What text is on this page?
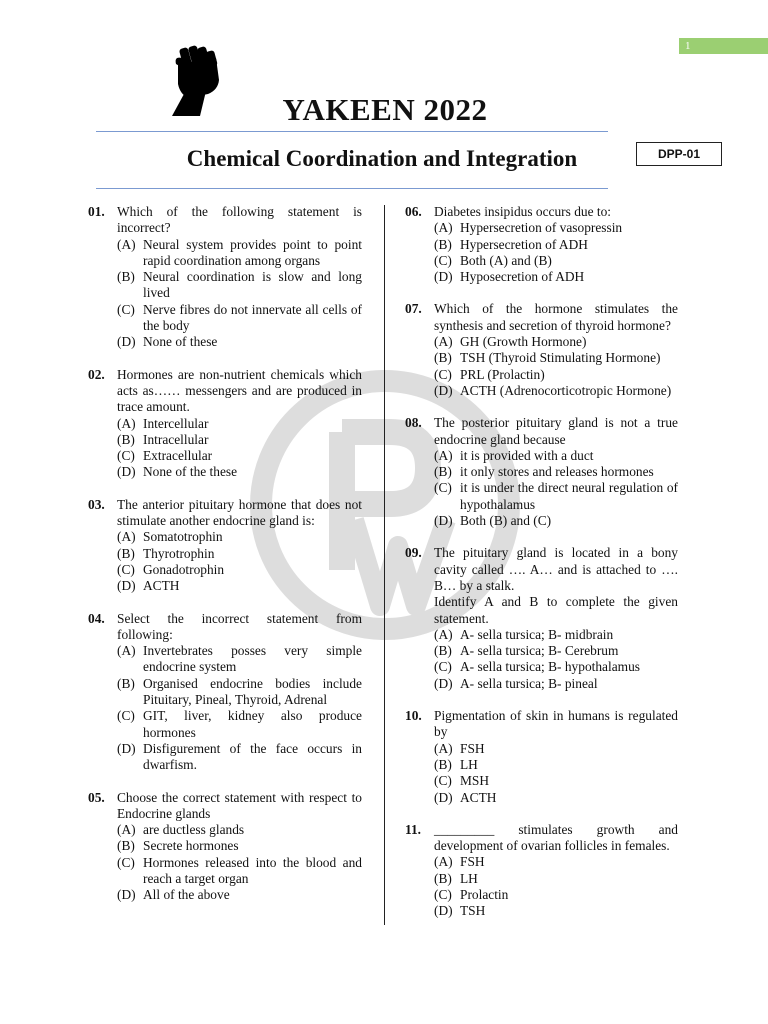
1
YAKEEN 2022
Chemical Coordination and Integration	DPP-01
01. Which of the following statement is incorrect?
(A) Neural system provides point to point rapid coordination among organs
(B) Neural coordination is slow and long lived
(C) Nerve fibres do not innervate all cells of the body
(D) None of these
02. Hormones are non-nutrient chemicals which acts as…… messengers and are produced in trace amount.
(A) Intercellular
(B) Intracellular
(C) Extracellular
(D) None of the these
03. The anterior pituitary hormone that does not stimulate another endocrine gland is:
(A) Somatotrophin
(B) Thyrotrophin
(C) Gonadotrophin
(D) ACTH
04. Select the incorrect statement from following:
(A) Invertebrates posses very simple endocrine system
(B) Organised endocrine bodies include Pituitary, Pineal, Thyroid, Adrenal
(C) GIT, liver, kidney also produce hormones
(D) Disfigurement of the face occurs in dwarfism.
05. Choose the correct statement with respect to Endocrine glands
(A) are ductless glands
(B) Secrete hormones
(C) Hormones released into the blood and reach a target organ
(D) All of the above
06. Diabetes insipidus occurs due to:
(A) Hypersecretion of vasopressin
(B) Hypersecretion of ADH
(C) Both (A) and (B)
(D) Hyposecretion of ADH
07. Which of the hormone stimulates the synthesis and secretion of thyroid hormone?
(A) GH (Growth Hormone)
(B) TSH (Thyroid Stimulating Hormone)
(C) PRL (Prolactin)
(D) ACTH (Adrenocorticotropic Hormone)
08. The posterior pituitary gland is not a true endocrine gland because
(A) it is provided with a duct
(B) it only stores and releases hormones
(C) it is under the direct neural regulation of hypothalamus
(D) Both (B) and (C)
09. The pituitary gland is located in a bony cavity called …. A… and is attached to …. B… by a stalk.
Identify A and B to complete the given statement.
(A) A- sella tursica; B- midbrain
(B) A- sella tursica; B- Cerebrum
(C) A- sella tursica; B- hypothalamus
(D) A- sella tursica; B- pineal
10. Pigmentation of skin in humans is regulated by
(A) FSH
(B) LH
(C) MSH
(D) ACTH
11. _________ stimulates growth and development of ovarian follicles in females.
(A) FSH
(B) LH
(C) Prolactin
(D) TSH
